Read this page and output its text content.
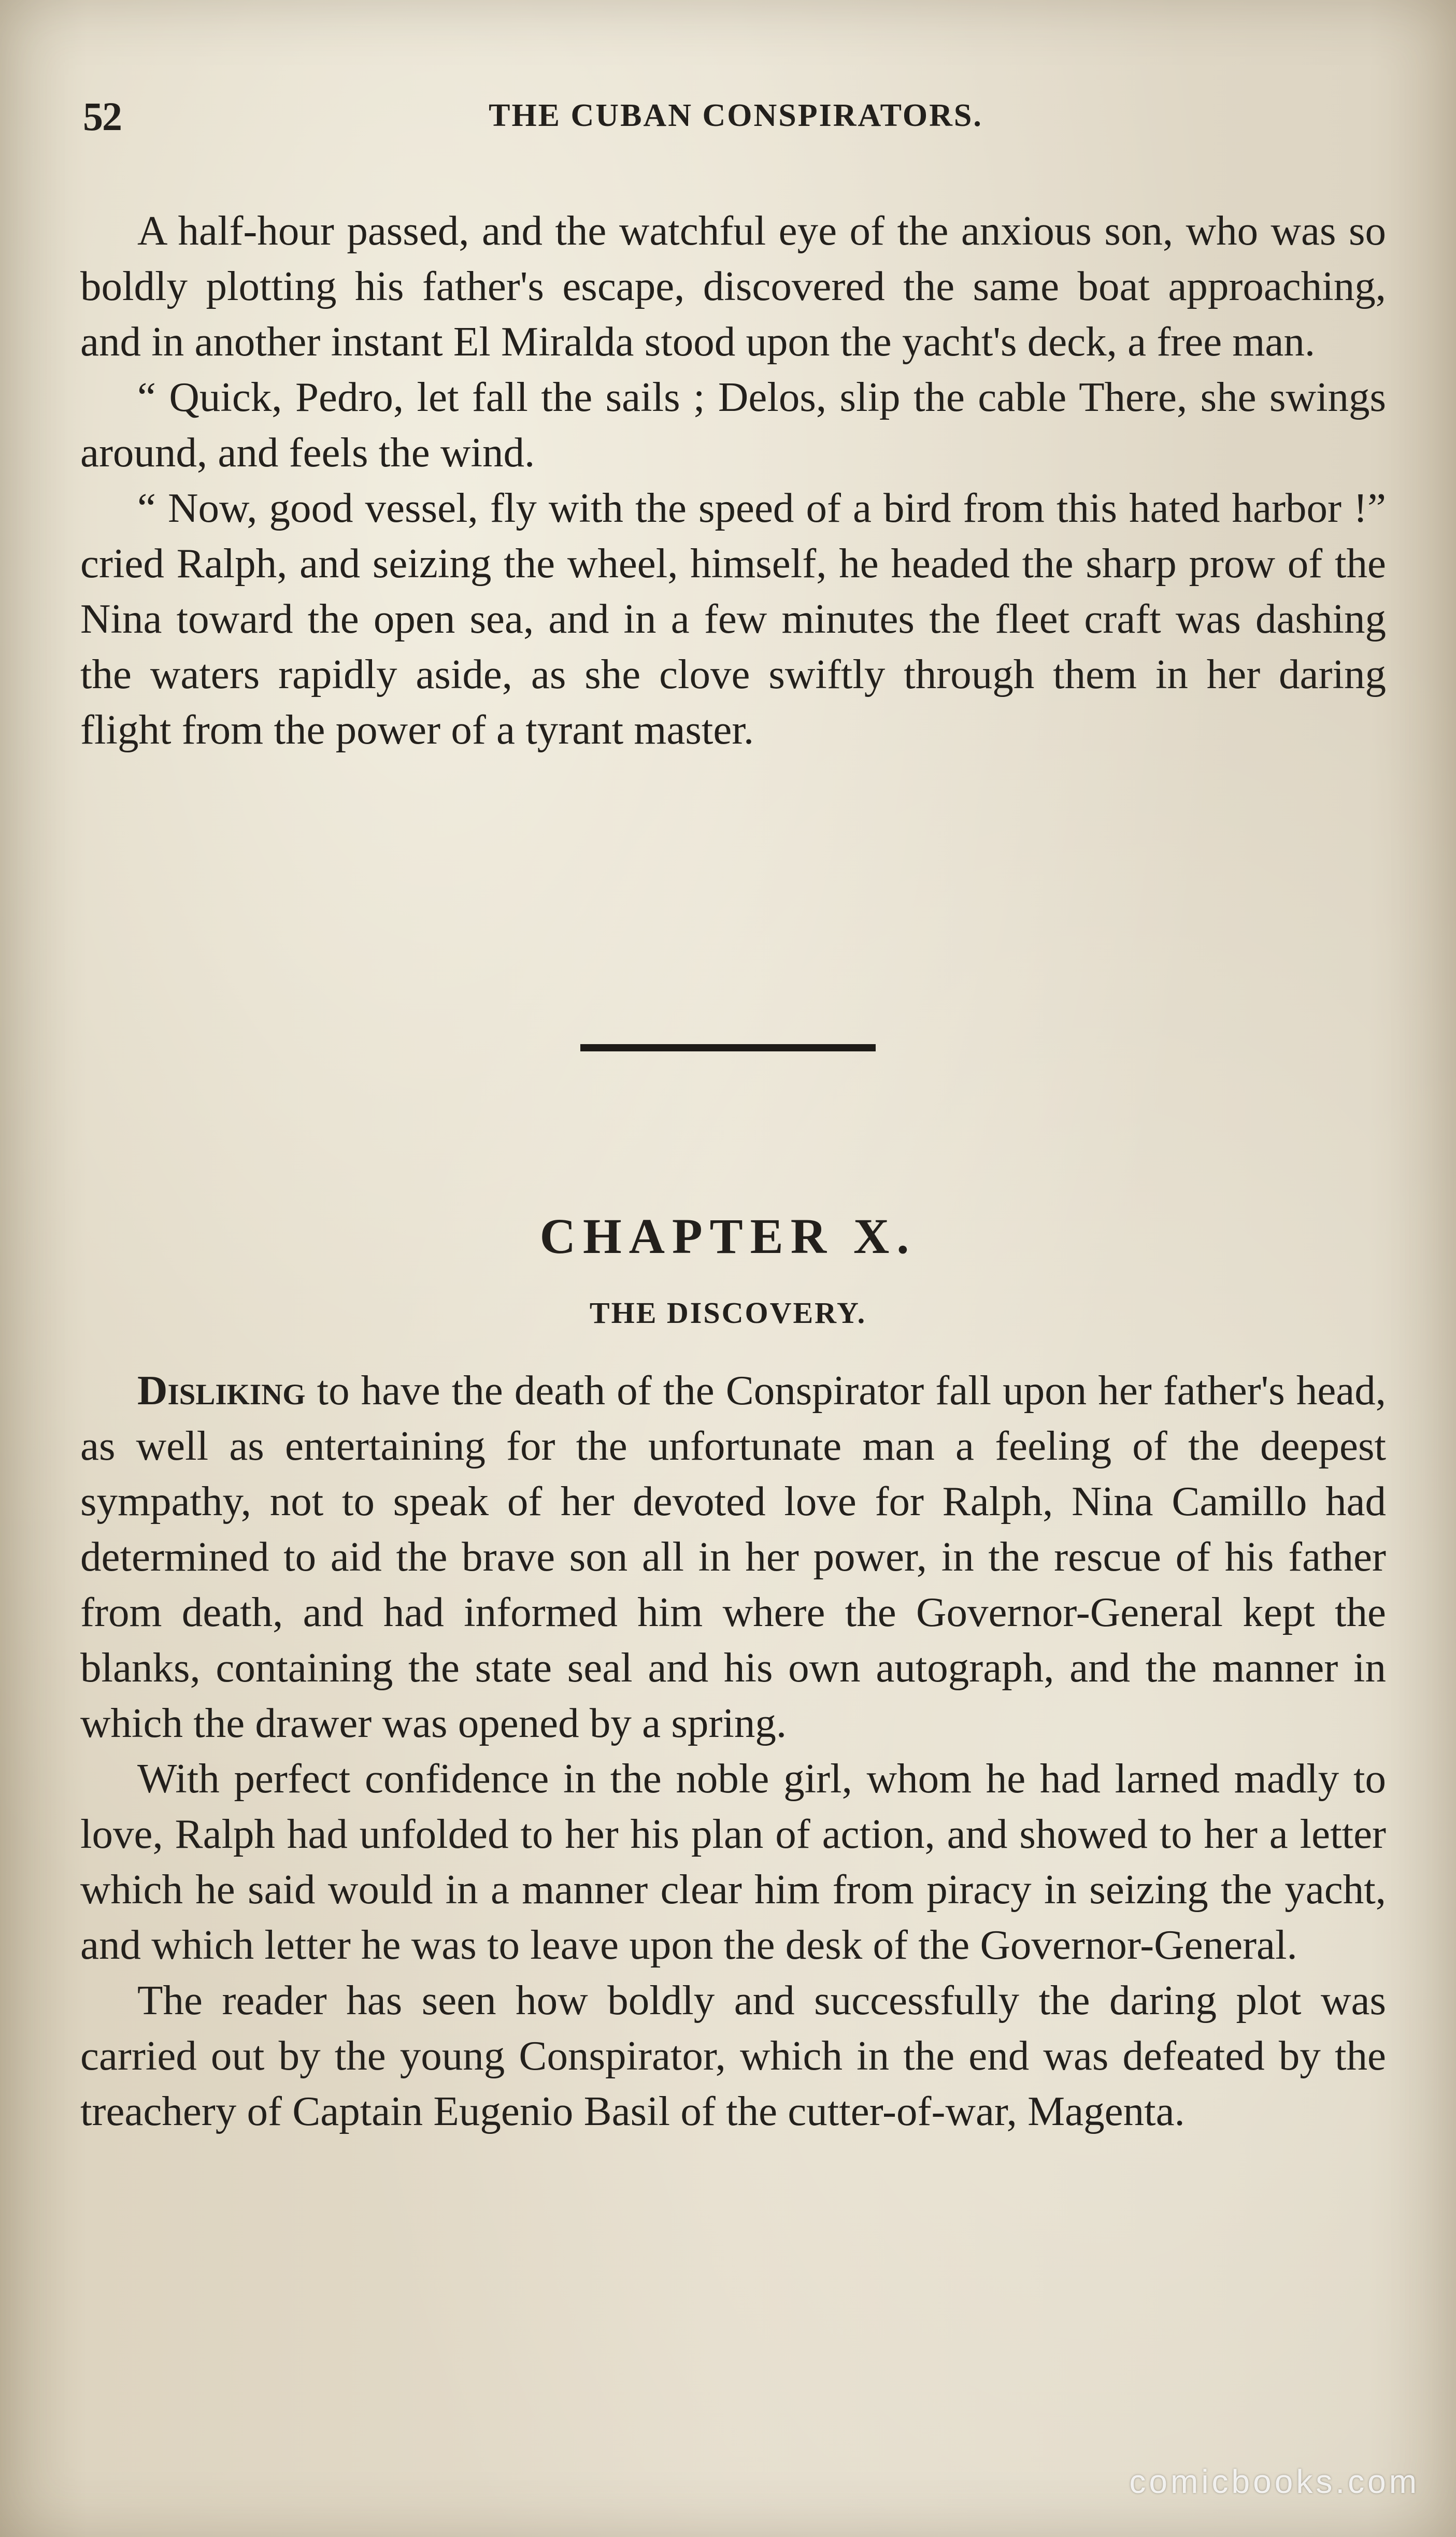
52	THE CUBAN CONSPIRATORS.

A half-hour passed, and the watchful eye of the anxious son, who was so boldly plotting his father's escape, discovered the same boat approaching, and in another instant El Miralda stood upon the yacht's deck, a free man.

“ Quick, Pedro, let fall the sails ; Delos, slip the cable There, she swings around, and feels the wind.

“ Now, good vessel, fly with the speed of a bird from this hated harbor !” cried Ralph, and seizing the wheel, himself, he headed the sharp prow of the Nina toward the open sea, and in a few minutes the fleet craft was dashing the waters rapidly aside, as she clove swiftly through them in her daring flight from the power of a tyrant master.

CHAPTER X.
THE DISCOVERY.

Disliking to have the death of the Conspirator fall upon her father's head, as well as entertaining for the unfortunate man a feeling of the deepest sympathy, not to speak of her devoted love for Ralph, Nina Camillo had determined to aid the brave son all in her power, in the rescue of his father from death, and had informed him where the Governor-General kept the blanks, containing the state seal and his own autograph, and the manner in which the drawer was opened by a spring.

With perfect confidence in the noble girl, whom he had larned madly to love, Ralph had unfolded to her his plan of action, and showed to her a letter which he said would in a manner clear him from piracy in seizing the yacht, and which letter he was to leave upon the desk of the Governor-General.

The reader has seen how boldly and successfully the daring plot was carried out by the young Conspirator, which in the end was defeated by the treachery of Captain Eugenio Basil of the cutter-of-war, Magenta.

comicbooks.com
